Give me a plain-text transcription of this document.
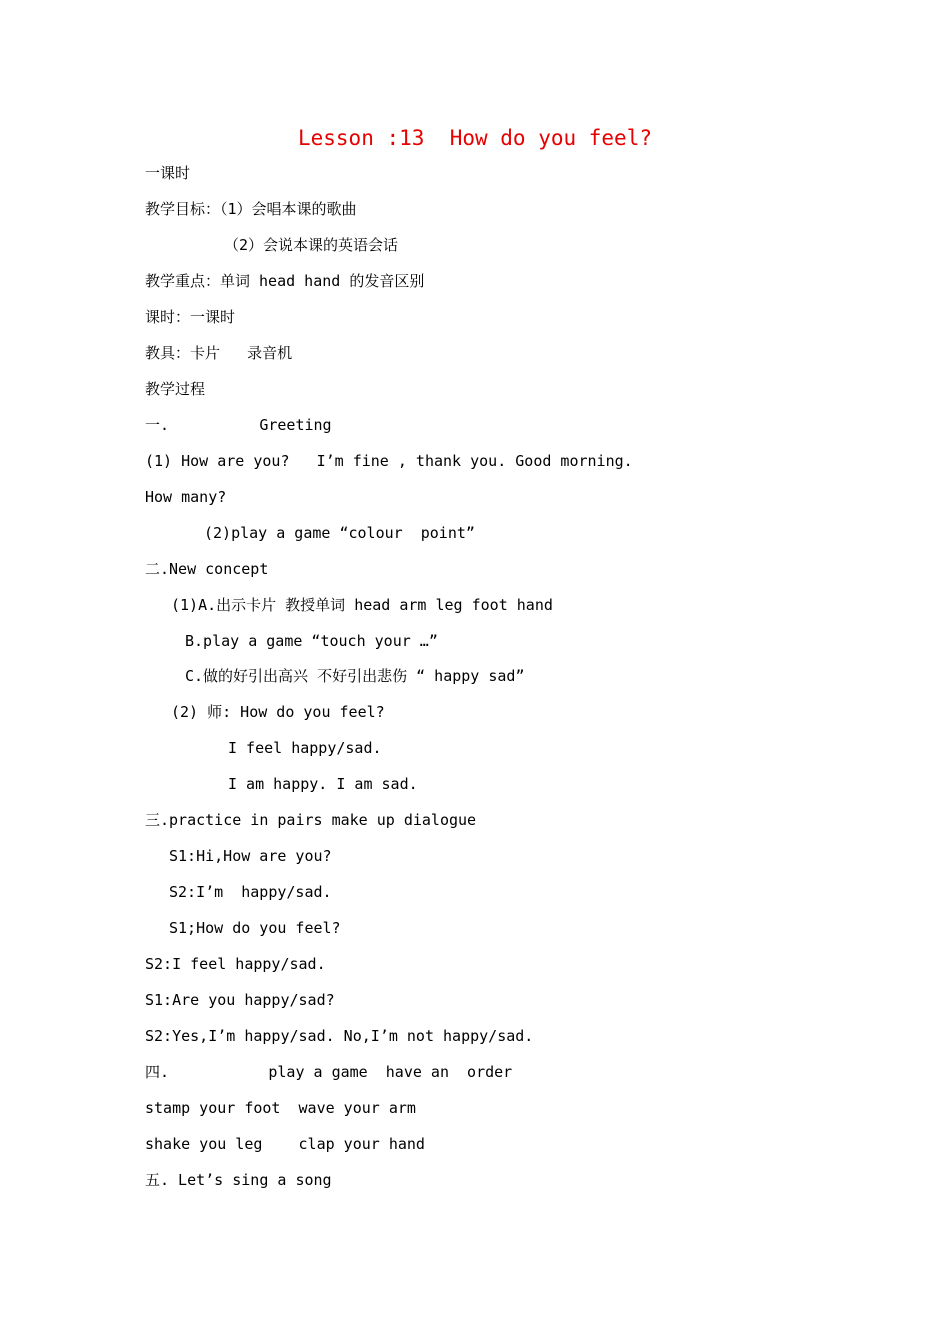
Lesson :13  How do you feel?
一课时
教学目标：（1）会唱本课的歌曲
（2）会说本课的英语会话
教学重点：单词 head hand 的发音区别
课时：一课时
教具：卡片   录音机
教学过程
一.          Greeting
(1) How are you?   I’m fine , thank you. Good morning.
How many?
(2)play a game “colour  point”
二.New concept
(1)A.出示卡片 教授单词 head arm leg foot hand
B.play a game “touch your …”
C.做的好引出高兴 不好引出悲伤 “ happy sad”
(2) 师: How do you feel?
I feel happy/sad.
I am happy. I am sad.
三.practice in pairs make up dialogue
S1:Hi,How are you?
S2:I’m  happy/sad.
S1;How do you feel?
S2:I feel happy/sad.
S1:Are you happy/sad?
S2:Yes,I’m happy/sad. No,I’m not happy/sad.
四.           play a game  have an  order
stamp your foot  wave your arm
shake you leg    clap your hand
五. Let’s sing a song
